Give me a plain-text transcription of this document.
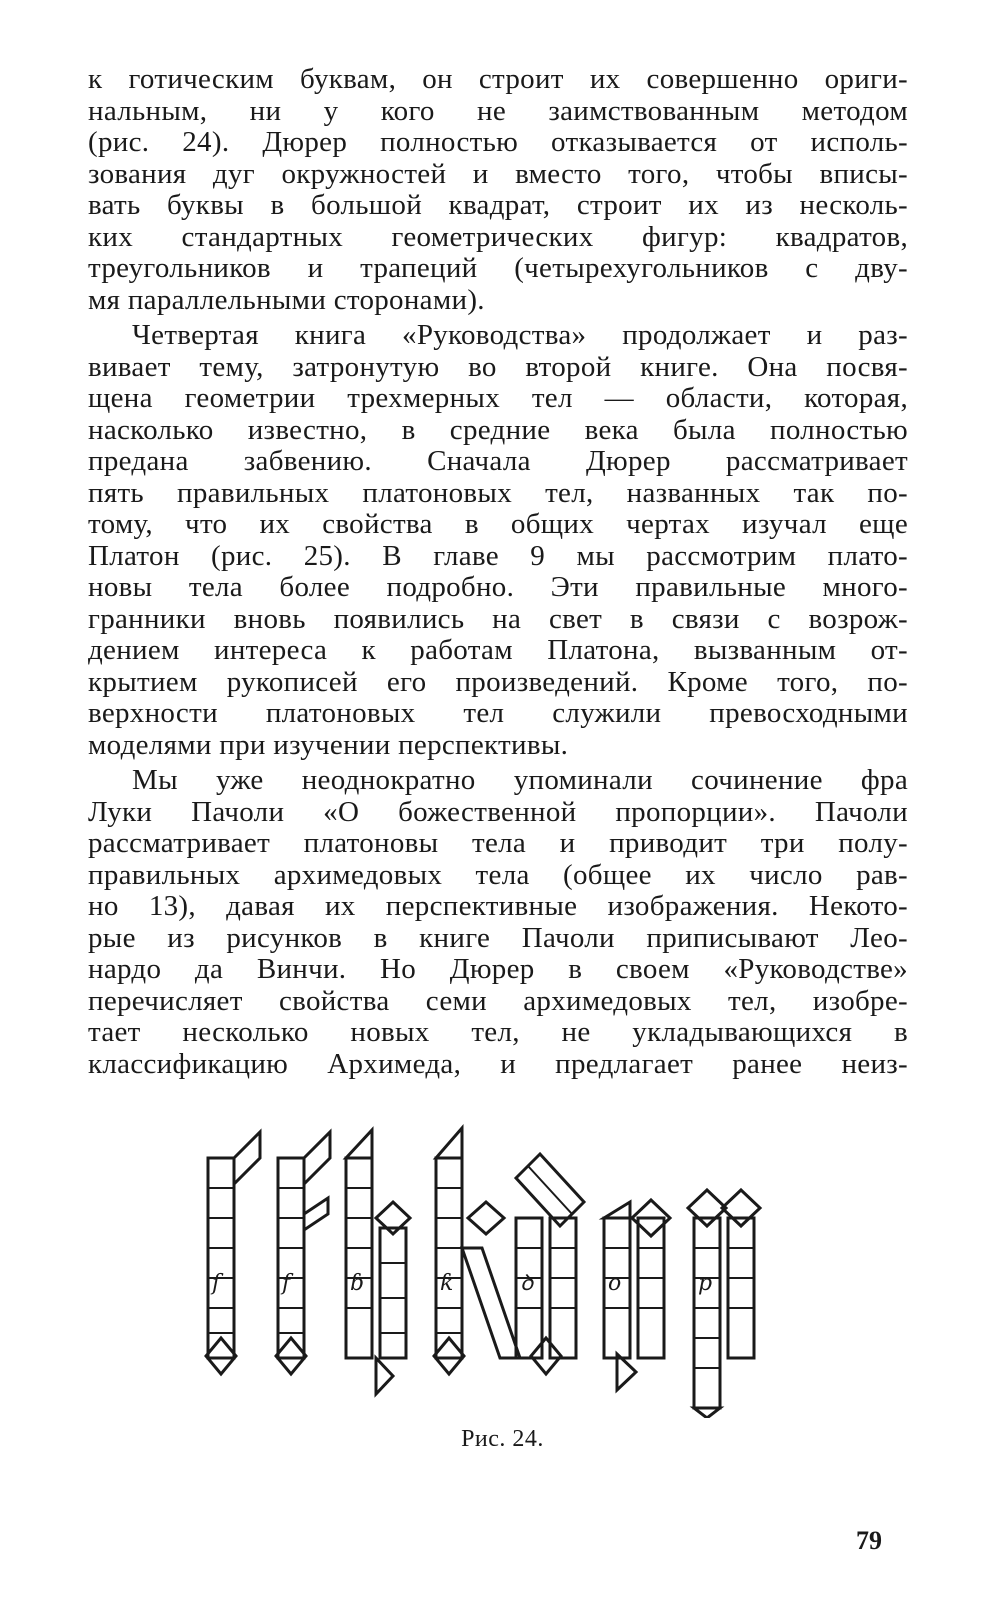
к готическим буквам, он строит их совершенно ориги-
нальным, ни у кого не заимствованным методом
(рис. 24). Дюрер полностью отказывается от исполь-
зования дуг окружностей и вместо того, чтобы вписы-
вать буквы в большой квадрат, строит их из несколь-
ких стандартных геометрических фигур: квадратов,
треугольников и трапеций (четырехугольников с дву-
мя параллельными сторонами).
Четвертая книга «Руководства» продолжает и раз-
вивает тему, затронутую во второй книге. Она посвя-
щена геометрии трехмерных тел — области, которая,
насколько известно, в средние века была полностью
предана забвению. Сначала Дюрер рассматривает
пять правильных платоновых тел, названных так по-
тому, что их свойства в общих чертах изучал еще
Платон (рис. 25). В главе 9 мы рассмотрим плато-
новы тела более подробно. Эти правильные много-
гранники вновь появились на свет в связи с возрож-
дением интереса к работам Платона, вызванным от-
крытием рукописей его произведений. Кроме того, по-
верхности платоновых тел служили превосходными
моделями при изучении перспективы.
Мы уже неоднократно упоминали сочинение фра
Луки Пачоли «О божественной пропорции». Пачоли
рассматривает платоновы тела и приводит три полу-
правильных архимедовых тела (общее их число рав-
но 13), давая их перспективные изображения. Некото-
рые из рисунков в книге Пачоли приписывают Лео-
нардо да Винчи. Но Дюрер в своем «Руководстве»
перечисляет свойства семи архимедовых тел, изобре-
тает несколько новых тел, не укладывающихся в
классификацию Архимеда, и предлагает ранее неиз-
ſ	f	ɓ	ƙ	ꝺ	o	p
Рис. 24.
79
